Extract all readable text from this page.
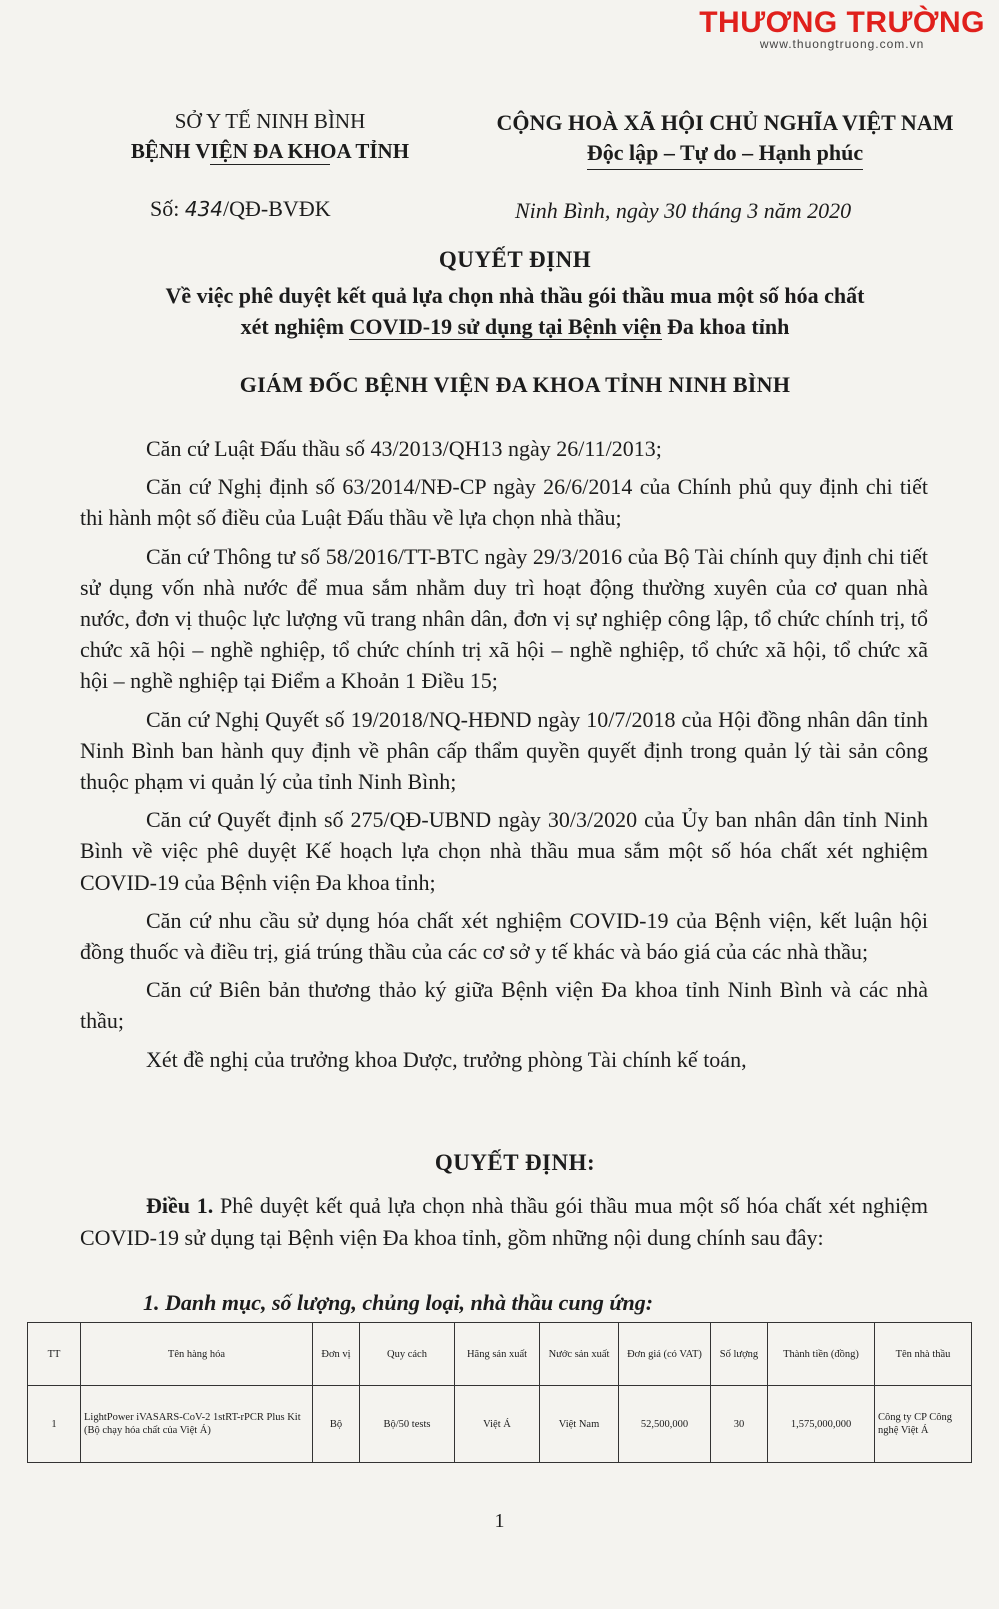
THƯƠNG TRƯỜNG
www.thuongtruong.com.vn
SỞ Y TẾ NINH BÌNH
BỆNH VIỆN ĐA KHOA TỈNH
CỘNG HOÀ XÃ HỘI CHỦ NGHĨA VIỆT NAM
Độc lập – Tự do – Hạnh phúc
Số: 434/QĐ-BVĐK	Ninh Bình, ngày 30 tháng 3 năm 2020
QUYẾT ĐỊNH
Về việc phê duyệt kết quả lựa chọn nhà thầu gói thầu mua một số hóa chất
xét nghiệm COVID-19 sử dụng tại Bệnh viện Đa khoa tỉnh
GIÁM ĐỐC BỆNH VIỆN ĐA KHOA TỈNH NINH BÌNH

Căn cứ Luật Đấu thầu số 43/2013/QH13 ngày 26/11/2013;

Căn cứ Nghị định số 63/2014/NĐ-CP ngày 26/6/2014 của Chính phủ quy định chi tiết thi hành một số điều của Luật Đấu thầu về lựa chọn nhà thầu;

Căn cứ Thông tư số 58/2016/TT-BTC ngày 29/3/2016 của Bộ Tài chính quy định chi tiết sử dụng vốn nhà nước để mua sắm nhằm duy trì hoạt động thường xuyên của cơ quan nhà nước, đơn vị thuộc lực lượng vũ trang nhân dân, đơn vị sự nghiệp công lập, tổ chức chính trị, tổ chức xã hội – nghề nghiệp, tổ chức chính trị xã hội – nghề nghiệp, tổ chức xã hội, tổ chức xã hội – nghề nghiệp tại Điểm a Khoản 1 Điều 15;

Căn cứ Nghị Quyết số 19/2018/NQ-HĐND ngày 10/7/2018 của Hội đồng nhân dân tỉnh Ninh Bình ban hành quy định về phân cấp thẩm quyền quyết định trong quản lý tài sản công thuộc phạm vi quản lý của tỉnh Ninh Bình;

Căn cứ Quyết định số 275/QĐ-UBND ngày 30/3/2020 của Ủy ban nhân dân tỉnh Ninh Bình về việc phê duyệt Kế hoạch lựa chọn nhà thầu mua sắm một số hóa chất xét nghiệm COVID-19 của Bệnh viện Đa khoa tỉnh;

Căn cứ nhu cầu sử dụng hóa chất xét nghiệm COVID-19 của Bệnh viện, kết luận hội đồng thuốc và điều trị, giá trúng thầu của các cơ sở y tế khác và báo giá của các nhà thầu;

Căn cứ Biên bản thương thảo ký giữa Bệnh viện Đa khoa tỉnh Ninh Bình và các nhà thầu;

Xét đề nghị của trưởng khoa Dược, trưởng phòng Tài chính kế toán,

QUYẾT ĐỊNH:
Điều 1. Phê duyệt kết quả lựa chọn nhà thầu gói thầu mua một số hóa chất xét nghiệm COVID-19 sử dụng tại Bệnh viện Đa khoa tỉnh, gồm những nội dung chính sau đây:
1. Danh mục, số lượng, chủng loại, nhà thầu cung ứng:
TT	Tên hàng hóa	Đơn vị	Quy cách	Hãng sản xuất	Nước sản xuất	Đơn giá (có VAT)	Số lượng	Thành tiền (đồng)	Tên nhà thầu
1	LightPower iVASARS-CoV-2 1stRT-rPCR Plus Kit (Bộ chạy hóa chất của Việt Á)	Bộ	Bộ/50 tests	Việt Á	Việt Nam	52,500,000	30	1,575,000,000	Công ty CP Công nghệ Việt Á
1
